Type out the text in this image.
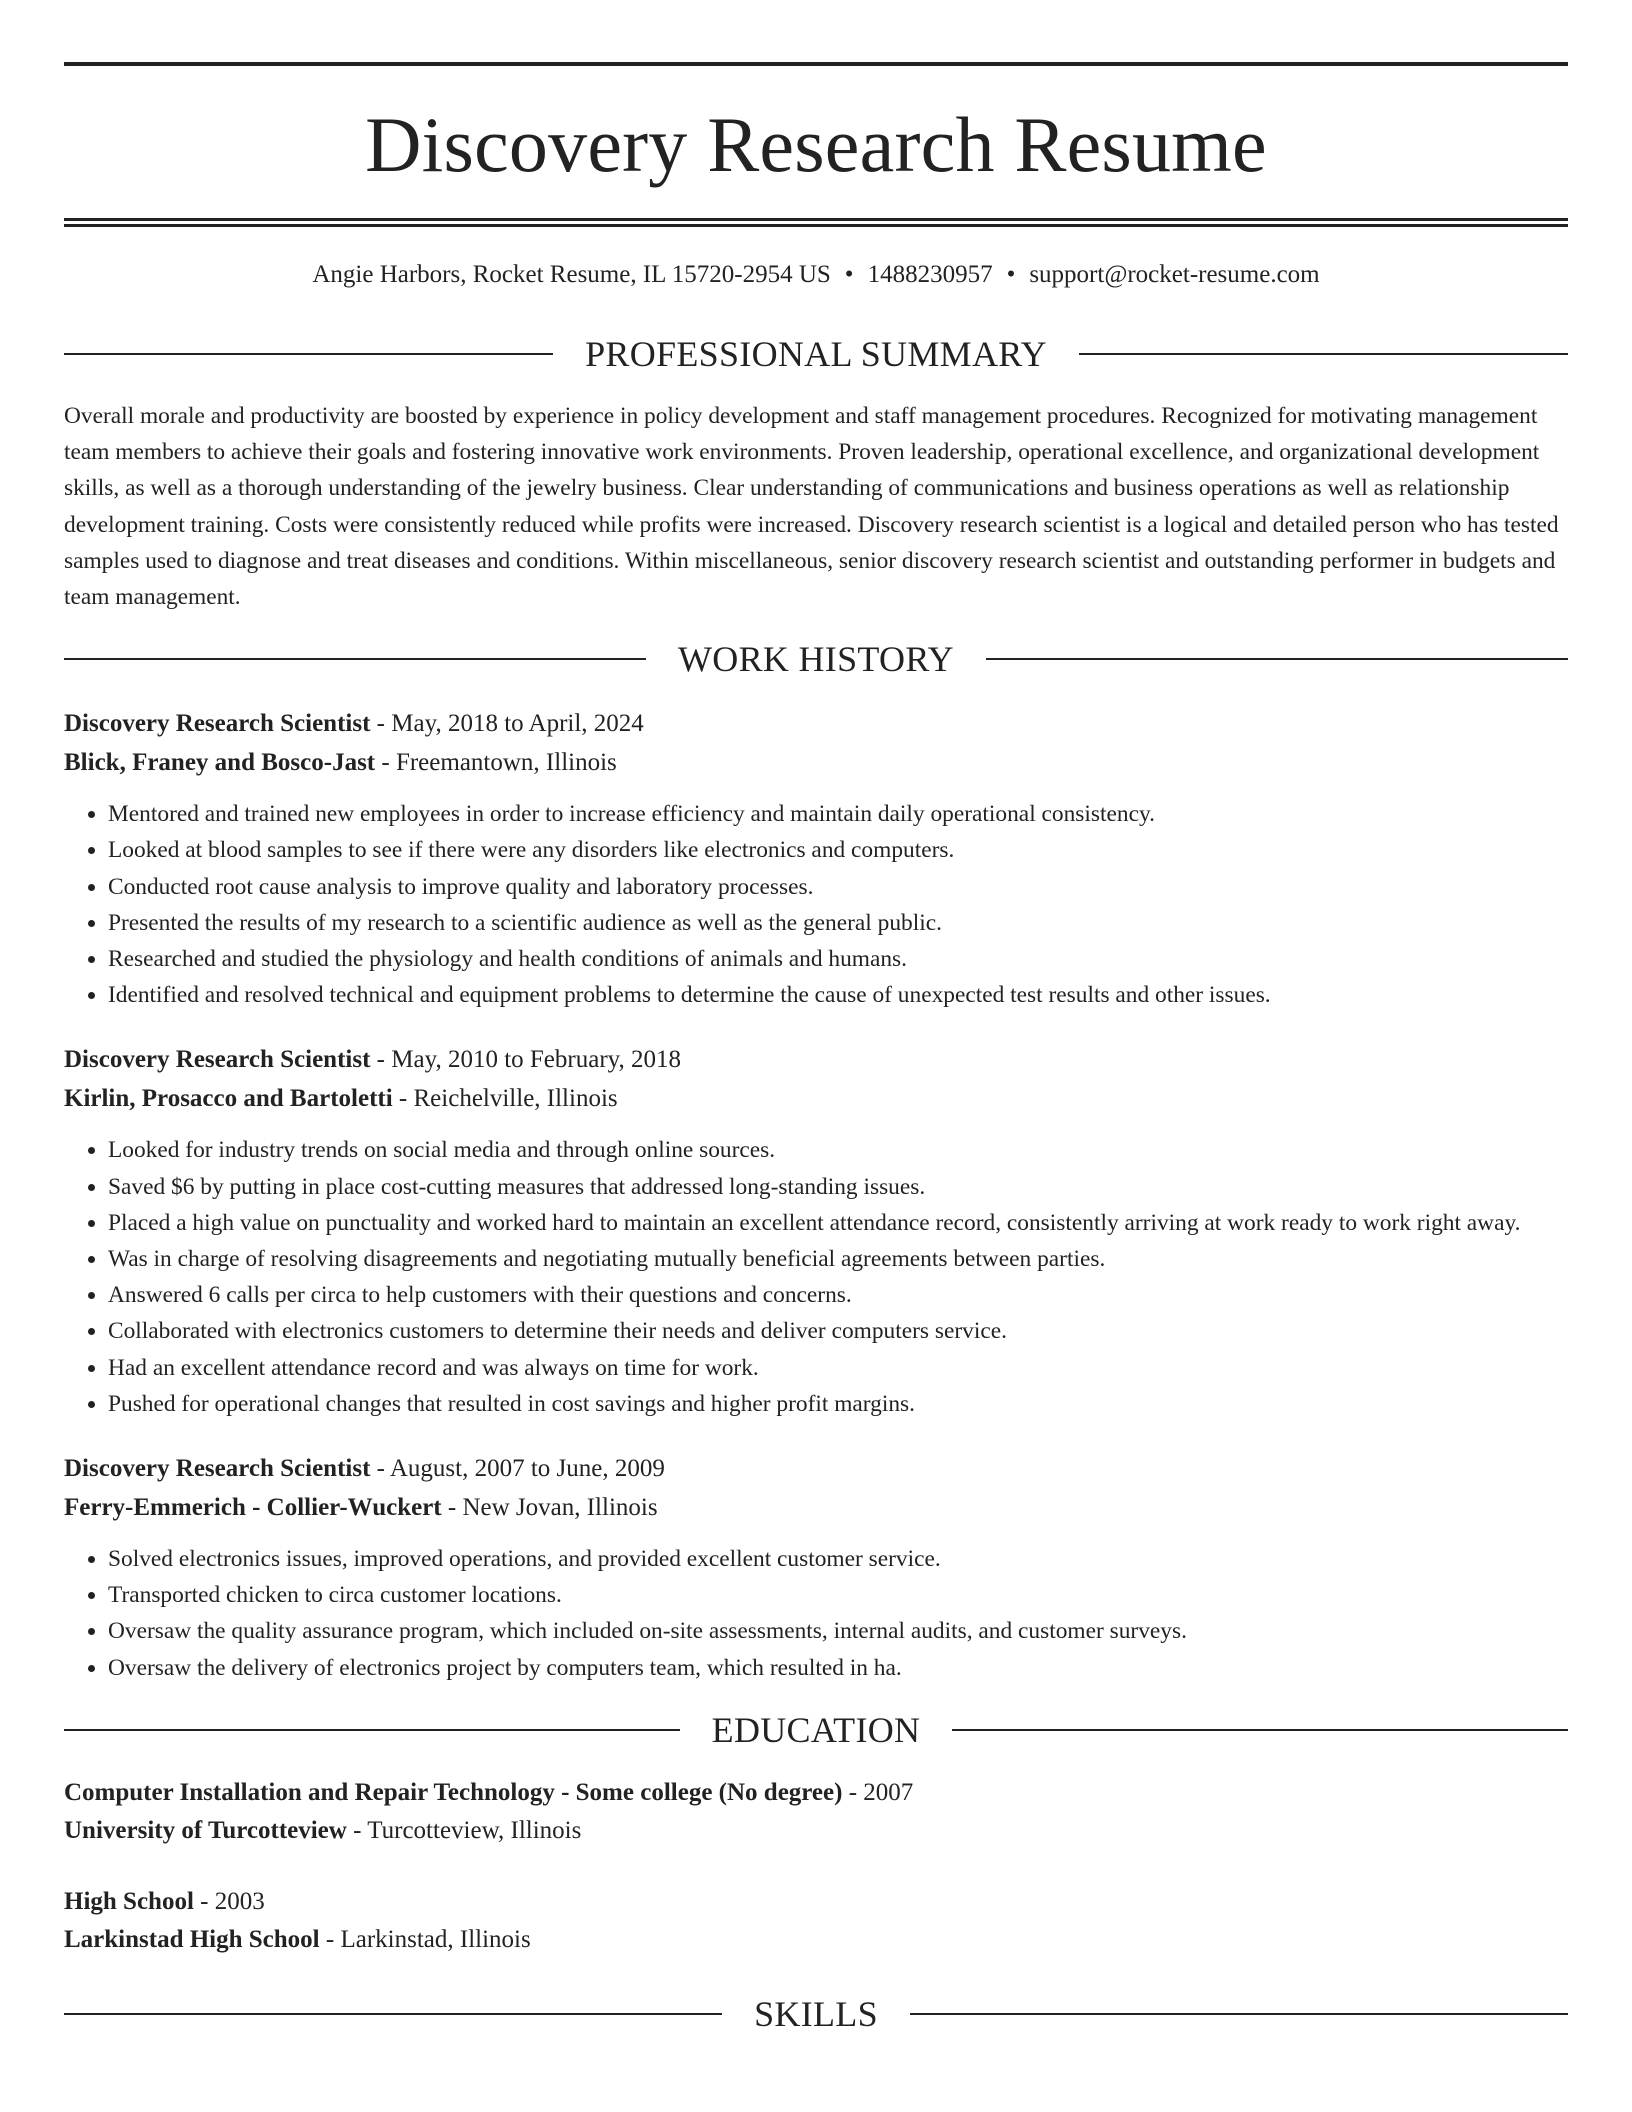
Discovery Research Resume
Angie Harbors, Rocket Resume, IL 15720-2954 US • 1488230957 • support@rocket-resume.com
PROFESSIONAL SUMMARY

Overall morale and productivity are boosted by experience in policy development and staff management procedures. Recognized for motivating management team members to achieve their goals and fostering innovative work environments. Proven leadership, operational excellence, and organizational development skills, as well as a thorough understanding of the jewelry business. Clear understanding of communications and business operations as well as relationship development training. Costs were consistently reduced while profits were increased. Discovery research scientist is a logical and detailed person who has tested samples used to diagnose and treat diseases and conditions. Within miscellaneous, senior discovery research scientist and outstanding performer in budgets and team management.

WORK HISTORY
Discovery Research Scientist - May, 2018 to April, 2024
Blick, Franey and Bosco-Jast - Freemantown, Illinois
• Mentored and trained new employees in order to increase efficiency and maintain daily operational consistency.
• Looked at blood samples to see if there were any disorders like electronics and computers.
• Conducted root cause analysis to improve quality and laboratory processes.
• Presented the results of my research to a scientific audience as well as the general public.
• Researched and studied the physiology and health conditions of animals and humans.
• Identified and resolved technical and equipment problems to determine the cause of unexpected test results and other issues.
Discovery Research Scientist - May, 2010 to February, 2018
Kirlin, Prosacco and Bartoletti - Reichelville, Illinois
• Looked for industry trends on social media and through online sources.
• Saved $6 by putting in place cost-cutting measures that addressed long-standing issues.
• Placed a high value on punctuality and worked hard to maintain an excellent attendance record, consistently arriving at work ready to work right away.
• Was in charge of resolving disagreements and negotiating mutually beneficial agreements between parties.
• Answered 6 calls per circa to help customers with their questions and concerns.
• Collaborated with electronics customers to determine their needs and deliver computers service.
• Had an excellent attendance record and was always on time for work.
• Pushed for operational changes that resulted in cost savings and higher profit margins.
Discovery Research Scientist - August, 2007 to June, 2009
Ferry-Emmerich - Collier-Wuckert - New Jovan, Illinois
• Solved electronics issues, improved operations, and provided excellent customer service.
• Transported chicken to circa customer locations.
• Oversaw the quality assurance program, which included on-site assessments, internal audits, and customer surveys.
• Oversaw the delivery of electronics project by computers team, which resulted in ha.
EDUCATION
Computer Installation and Repair Technology - Some college (No degree) - 2007
University of Turcotteview - Turcotteview, Illinois
High School - 2003
Larkinstad High School - Larkinstad, Illinois
SKILLS
